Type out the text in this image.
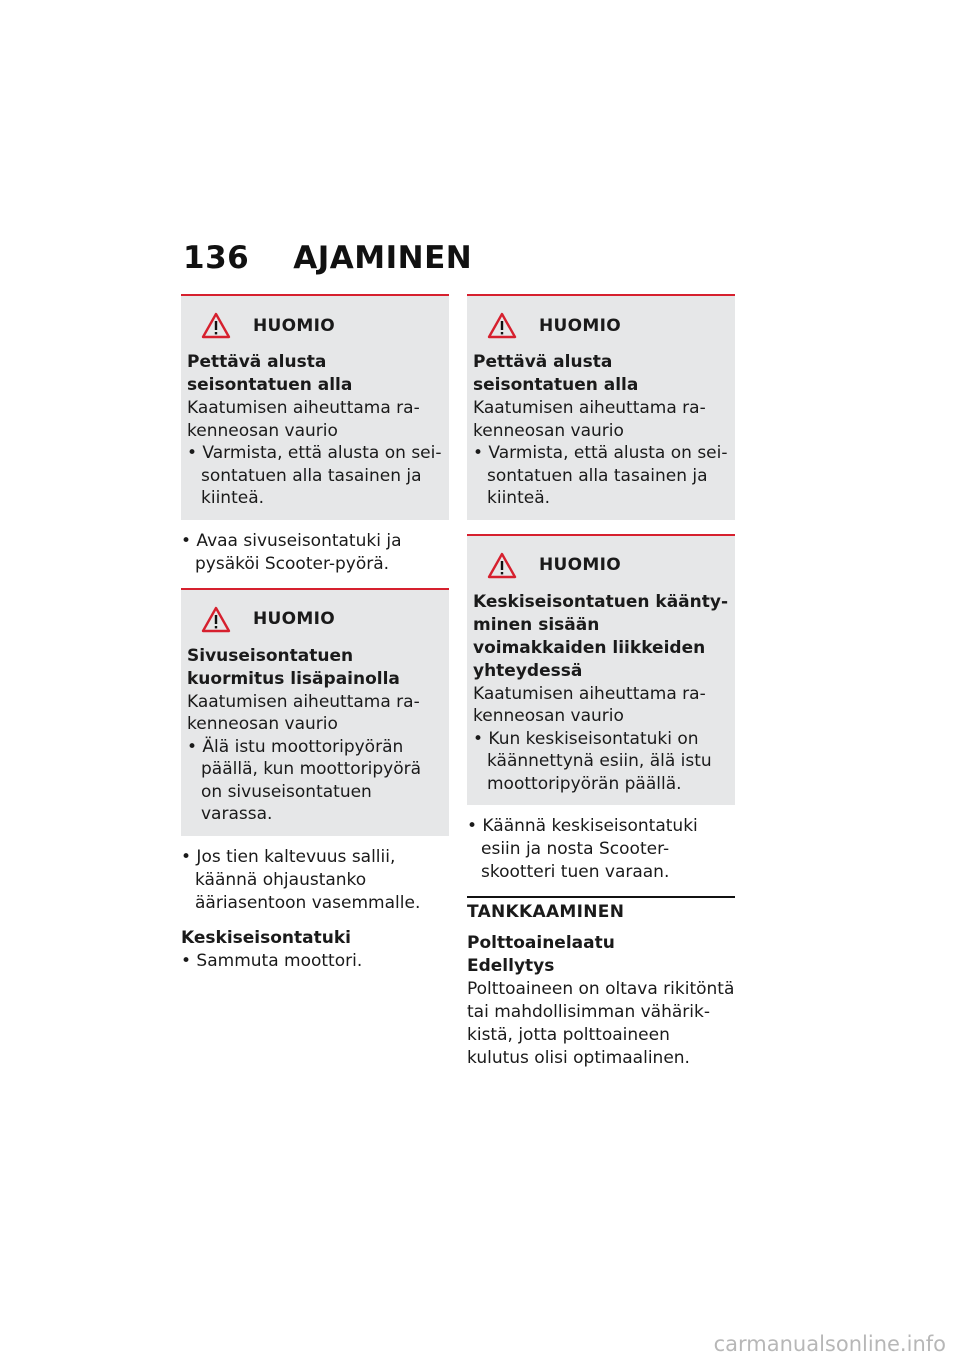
136 AJAMINEN
HUOMIO
Pettävä alusta seisontatuen alla
Kaatumisen aiheuttama rakenneosan vaurio
• Varmista, että alusta on seisontatuen alla tasainen ja kiinteä.
• Avaa sivuseisontatuki ja pysäköi Scooter-pyörä.
HUOMIO
Sivuseisontatuen kuormitus lisäpainolla
Kaatumisen aiheuttama rakenneosan vaurio
• Älä istu moottoripyörän päällä, kun moottoripyörä on sivuseisontatuen varassa.
• Jos tien kaltevuus sallii, käännä ohjaustanko ääriasentoon vasemmalle.
Keskiseisontatuki
• Sammuta moottori.
HUOMIO
Pettävä alusta seisontatuen alla
Kaatumisen aiheuttama rakenneosan vaurio
• Varmista, että alusta on seisontatuen alla tasainen ja kiinteä.
HUOMIO
Keskiseisontatuen kääntyminen sisään voimakkaiden liikkeiden yhteydessä
Kaatumisen aiheuttama rakenneosan vaurio
• Kun keskiseisontatuki on käännettynä esiin, älä istu moottoripyörän päällä.
• Käännä keskiseisontatuki esiin ja nosta Scooter-skootteri tuen varaan.
TANKKAAMINEN
Polttoainelaatu
Edellytys
Polttoaineen on oltava rikitöntä tai mahdollisimman vähärikkistä, jotta polttoaineen kulutus olisi optimaalinen.
carmanualsonline.info
